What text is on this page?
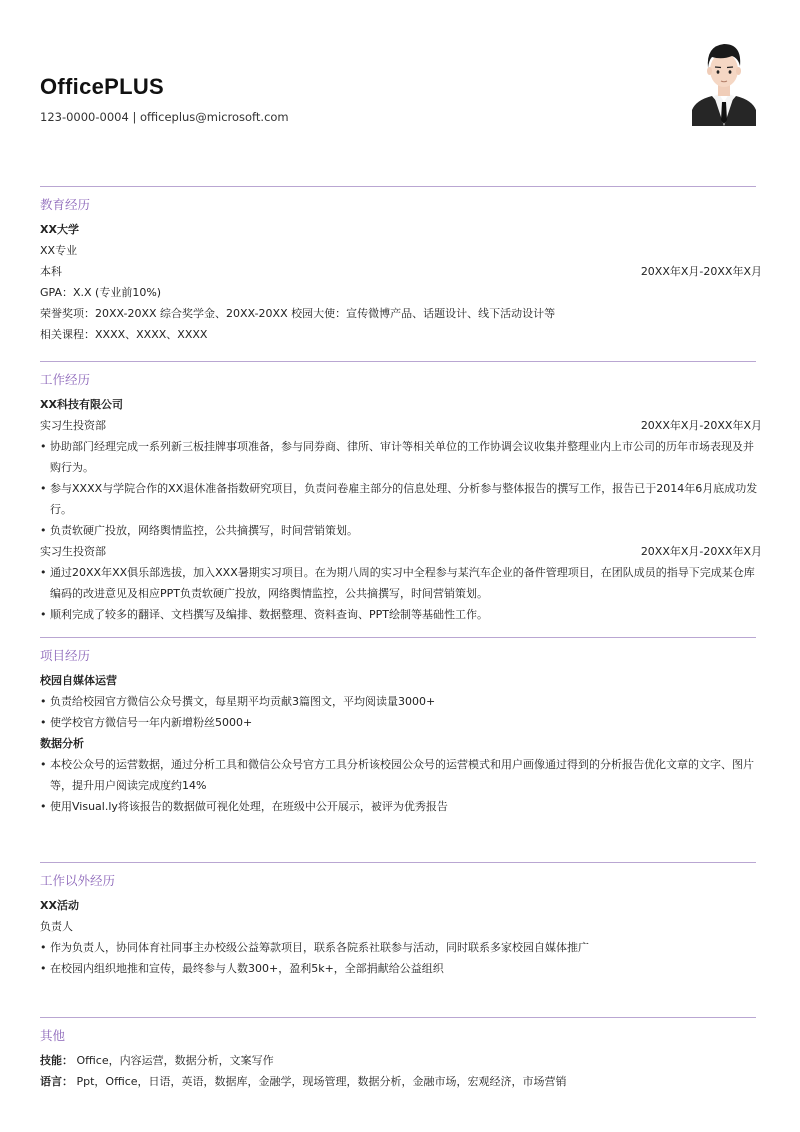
OfficePLUS
123-0000-0004 | officeplus@microsoft.com
教育经历
XX大学
XX专业
本科	20XX年X月-20XX年X月
GPA：X.X (专业前10%)
荣誉奖项：20XX-20XX 综合奖学金、20XX-20XX 校园大使：宣传微博产品、话题设计、线下活动设计等
相关课程：XXXX、XXXX、XXXX
工作经历
XX科技有限公司
实习生投资部	20XX年X月-20XX年X月
• 协助部门经理完成一系列新三板挂牌事项准备，参与同券商、律所、审计等相关单位的工作协调会议收集并整理业内上市公司的历年市场表现及并购行为。
• 参与XXXX与学院合作的XX退休准备指数研究项目，负责问卷雇主部分的信息处理、分析参与整体报告的撰写工作，报告已于2014年6月底成功发行。
• 负责软硬广投放，网络舆情监控，公共摘撰写，时间营销策划。
实习生投资部	20XX年X月-20XX年X月
• 通过20XX年XX俱乐部选拔，加入XXX暑期实习项目。在为期八周的实习中全程参与某汽车企业的备件管理项目，在团队成员的指导下完成某仓库编码的改进意见及相应PPT负责软硬广投放，网络舆情监控，公共摘撰写，时间营销策划。
• 顺利完成了较多的翻译、文档撰写及编排、数据整理、资料查询、PPT绘制等基础性工作。
项目经历
校园自媒体运营
• 负责给校园官方微信公众号撰文，每星期平均贡献3篇图文，平均阅读量3000+
• 使学校官方微信号一年内新增粉丝5000+
数据分析
• 本校公众号的运营数据，通过分析工具和微信公众号官方工具分析该校园公众号的运营模式和用户画像通过得到的分析报告优化文章的文字、图片等，提升用户阅读完成度约14%
• 使用Visual.ly将该报告的数据做可视化处理，在班级中公开展示，被评为优秀报告
工作以外经历
XX活动
负责人
• 作为负责人，协同体育社同事主办校级公益筹款项目，联系各院系社联参与活动，同时联系多家校园自媒体推广
• 在校园内组织地推和宣传，最终参与人数300+，盈利5k+，全部捐献给公益组织
其他
技能： Office，内容运营，数据分析，文案写作
语言： Ppt，Office，日语，英语，数据库，金融学，现场管理，数据分析，金融市场，宏观经济，市场营销
